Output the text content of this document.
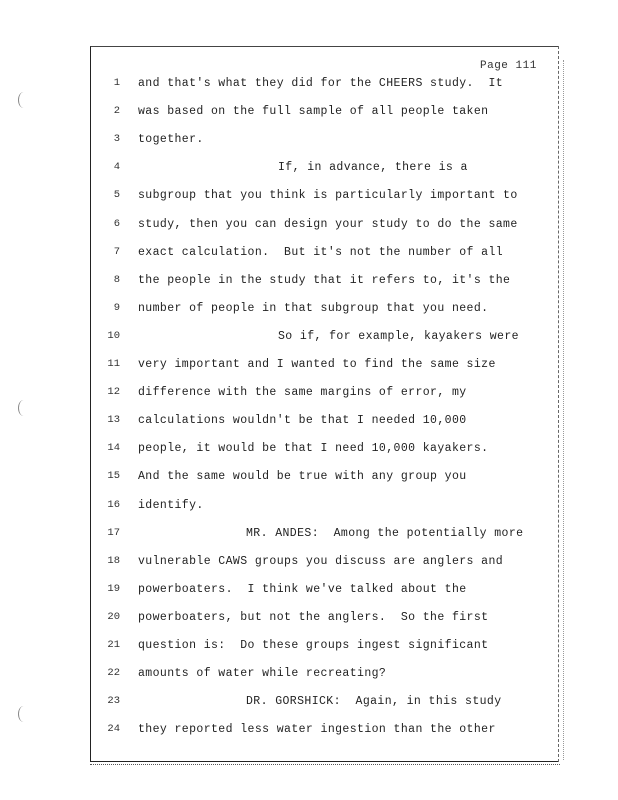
Page 111
1 and that's what they did for the CHEERS study.  It
2 was based on the full sample of all people taken
3 together.
4	If, in advance, there is a
5 subgroup that you think is particularly important to
6 study, then you can design your study to do the same
7 exact calculation.  But it's not the number of all
8 the people in the study that it refers to, it's the
9 number of people in that subgroup that you need.
10	So if, for example, kayakers were
11 very important and I wanted to find the same size
12 difference with the same margins of error, my
13 calculations wouldn't be that I needed 10,000
14 people, it would be that I need 10,000 kayakers.
15 And the same would be true with any group you
16 identify.
17	MR. ANDES:  Among the potentially more
18 vulnerable CAWS groups you discuss are anglers and
19 powerboaters.  I think we've talked about the
20 powerboaters, but not the anglers.  So the first
21 question is:  Do these groups ingest significant
22 amounts of water while recreating?
23	DR. GORSHICK:  Again, in this study
24 they reported less water ingestion than the other
